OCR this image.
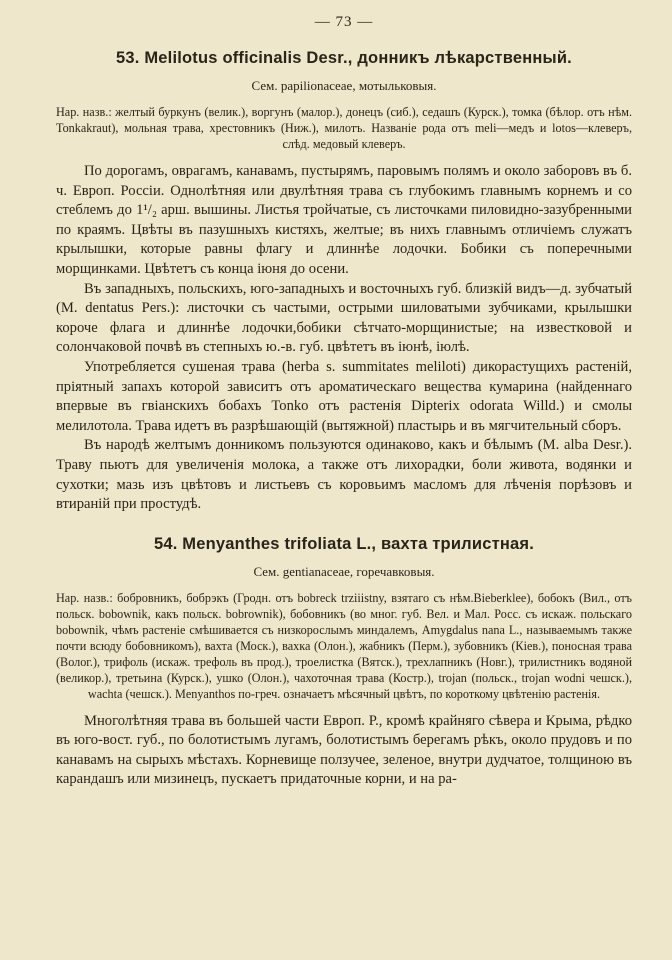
— 73 —
53. Melilotus officinalis Desr., донникъ лѣкарственный.
Сем. papilionaceae, мотыльковыя.
Нар. назв.: желтый буркунъ (велик.), воргунъ (малор.), донецъ (сиб.), седашъ (Курск.), томка (бѣлор. отъ нѣм. Tonkakraut), мольная трава, хрестовникъ (Ниж.), милотъ. Названіе рода отъ meli—медъ и lotos—клеверъ, слѣд. медовый клеверъ.

По дорогамъ, оврагамъ, канавамъ, пустырямъ, паровымъ полямъ и около заборовъ въ б. ч. Европ. Россіи. Однолѣтняя или двулѣтняя трава съ глубокимъ главнымъ корнемъ и со стеблемъ до 1¹/₂ арш. вышины. Листья тройчатые, съ листочками пиловидно-зазубренными по краямъ. Цвѣты въ пазушныхъ кистяхъ, желтые; въ нихъ главнымъ отличіемъ служатъ крылышки, которые равны флагу и длиннѣе лодочки. Бобики съ поперечными морщинками. Цвѣтетъ съ конца іюня до осени.

Въ западныхъ, польскихъ, юго-западныхъ и восточныхъ губ. близкій видъ—д. зубчатый (M. dentatus Pers.): листочки съ частыми, острыми шиловатыми зубчиками, крылышки короче флага и длиннѣе лодочки,бобики сѣтчато-морщинистые; на известковой и солончаковой почвѣ въ степныхъ ю.-в. губ. цвѣтетъ въ іюнѣ, іюлѣ.

Употребляется сушеная трава (herba s. summitates meliloti) дикорастущихъ растеній, пріятный запахъ которой зависитъ отъ ароматическаго вещества кумарина (найденнаго впервые въ гвіанскихъ бобахъ Tonko отъ растенія Dipterix odorata Willd.) и смолы мелилотола. Трава идетъ въ разрѣшающій (вытяжной) пластырь и въ мягчительный сборъ.

Въ народѣ желтымъ донникомъ пользуются одинаково, какъ и бѣлымъ (M. alba Desr.). Траву пьютъ для увеличенія молока, а также отъ лихорадки, боли живота, водянки и сухотки; мазь изъ цвѣтовъ и листьевъ съ коровьимъ масломъ для лѣченія порѣзовъ и втираній при простудѣ.

54. Menyanthes trifoliata L., вахта трилистная.
Сем. gentianaceae, горечавковыя.
Нар. назв.: бобровникъ, бобрэкъ (Гродн. отъ bobreck trziiistny, взятаго съ нѣм.Bieberklee), бобокъ (Вил., отъ польск. bobownik, какъ польск. bobrownik), бобовникъ (во мног. губ. Вел. и Мал. Росс. съ искаж. польскаго bobownik, чѣмъ растеніе смѣшивается съ низкорослымъ миндалемъ, Amygdalus nana L., называемымъ также почти всюду бобовникомъ), вахта (Моск.), вахка (Олон.), жабникъ (Перм.), зубовникъ (Кіев.), поносная трава (Волог.), трифоль (искаж. трефоль въ прод.), троелистка (Вятск.), трехлапникъ (Новг.), трилистникъ водяной (великор.), третьина (Курск.), ушко (Олон.), чахоточная трава (Костр.), trojan (польск., trojan wodni чешск.), wachta (чешск.). Menyanthos по-греч. означаетъ мѣсячный цвѣтъ, по короткому цвѣтенію растенія.

Многолѣтняя трава въ большей части Европ. Р., кромѣ крайняго сѣвера и Крыма, рѣдко въ юго-вост. губ., по болотистымъ лугамъ, болотистымъ берегамъ рѣкъ, около прудовъ и по канавамъ на сырыхъ мѣстахъ. Корневище ползучее, зеленое, внутри дудчатое, толщиною въ карандашъ или мизинецъ, пускаетъ придаточные корни, и на ра-
